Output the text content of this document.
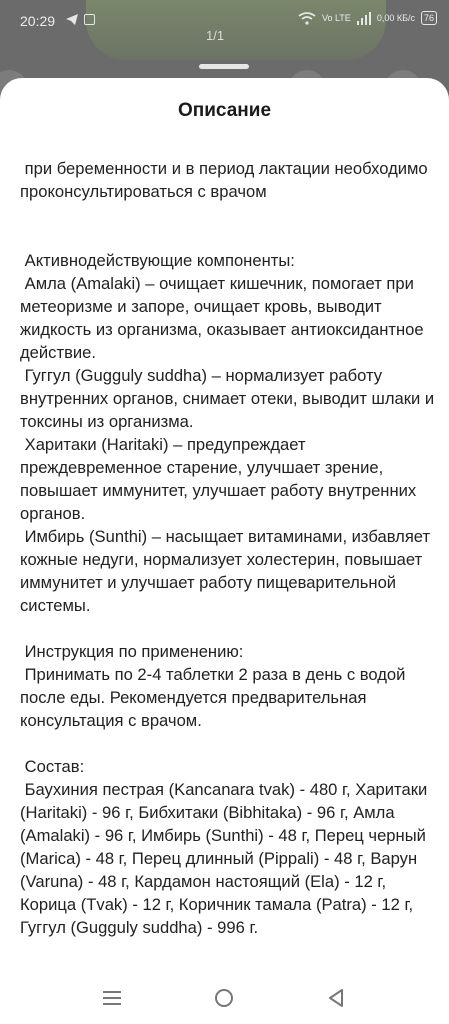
20:29	Vo LTE	0,00 КБ/с	76
1/1
Описание

при беременности и в период лактации необходимо проконсультироваться с врачом

Активнодействующие компоненты:

Амла (Amalaki) – очищает кишечник, помогает при метеоризме и запоре, очищает кровь, выводит жидкость из организма, оказывает антиоксидантное действие.

Гуггул (Gugguly suddha) – нормализует работу внутренних органов, снимает отеки, выводит шлаки и токсины из организма.

Харитаки (Haritaki) – предупреждает преждевременное старение, улучшает зрение, повышает иммунитет, улучшает работу внутренних органов.

Имбирь (Sunthi) – насыщает витаминами, избавляет кожные недуги, нормализует холестерин, повышает иммунитет и улучшает работу пищеварительной системы.

Инструкция по применению:

Принимать по 2-4 таблетки 2 раза в день с водой после еды. Рекомендуется предварительная консультация с врачом.

Состав:

Баухиния пестрая (Kancanara tvak) - 480 г, Харитаки (Haritaki) - 96 г, Бибхитаки (Bibhitaka) - 96 г, Амла (Amalaki) - 96 г, Имбирь (Sunthi) - 48 г, Перец черный (Marica) - 48 г, Перец длинный (Pippali) - 48 г, Варун (Varuna) - 48 г, Кардамон настоящий (Ela) - 12 г, Корица (Tvak) - 12 г, Коричник тамала (Patra) - 12 г, Гуггул (Gugguly suddha) - 996 г.
